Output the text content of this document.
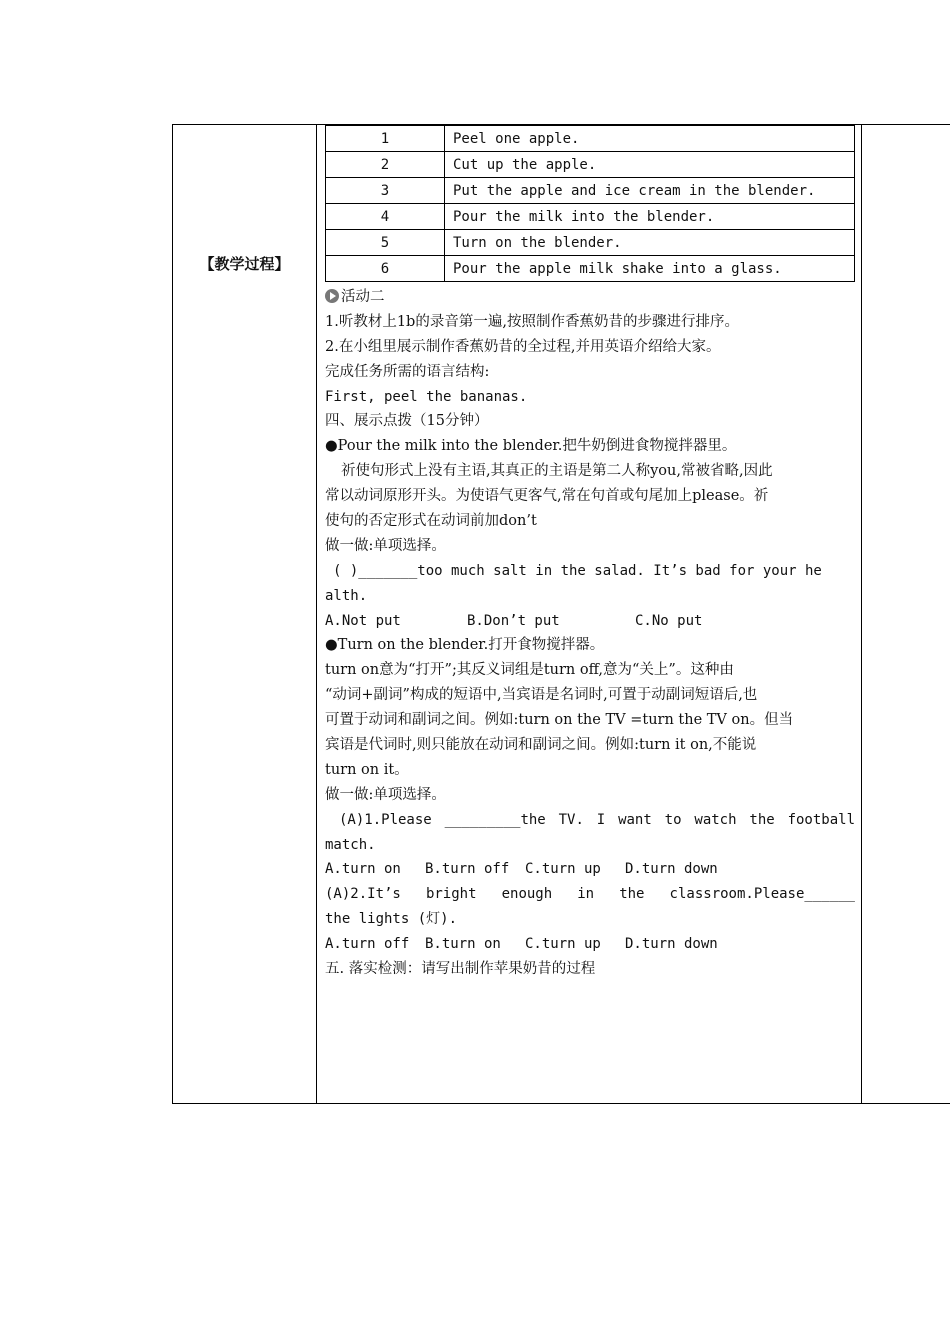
【教学过程】
1	Peel one apple.
2	Cut up the apple.
3	Put the apple and ice cream in the blender.
4	Pour the milk into the blender.
5	Turn on the blender.
6	Pour the apple milk shake into a glass.
活动二
1.听教材上1b的录音第一遍,按照制作香蕉奶昔的步骤进行排序。
2.在小组里展示制作香蕉奶昔的全过程,并用英语介绍给大家。
完成任务所需的语言结构:
First, peel the bananas.
四、展示点拨（15分钟）
●Pour the milk into the blender.把牛奶倒进食物搅拌器里。
祈使句形式上没有主语,其真正的主语是第二人称you,常被省略,因此
常以动词原形开头。为使语气更客气,常在句首或句尾加上please。祈
使句的否定形式在动词前加don’t
做一做:单项选择。
( )_______too much salt in the salad. It’s bad for your he
alth.
A.Not put	B.Don’t put	C.No put
●Turn on the blender.打开食物搅拌器。
turn on意为“打开”;其反义词组是turn off,意为“关上”。这种由
“动词+副词”构成的短语中,当宾语是名词时,可置于动副词短语后,也
可置于动词和副词之间。例如:turn on the TV =turn the TV on。但当
宾语是代词时,则只能放在动词和副词之间。例如:turn it on,不能说
turn on it。
做一做:单项选择。
(A)1.Please _________the TV. I want to watch the football
match.
A.turn on B.turn off C.turn up D.turn down
(A)2.It’s bright enough in the classroom.Please______
the lights (灯).
A.turn off B.turn on C.turn up D.turn down
五. 落实检测：请写出制作苹果奶昔的过程
